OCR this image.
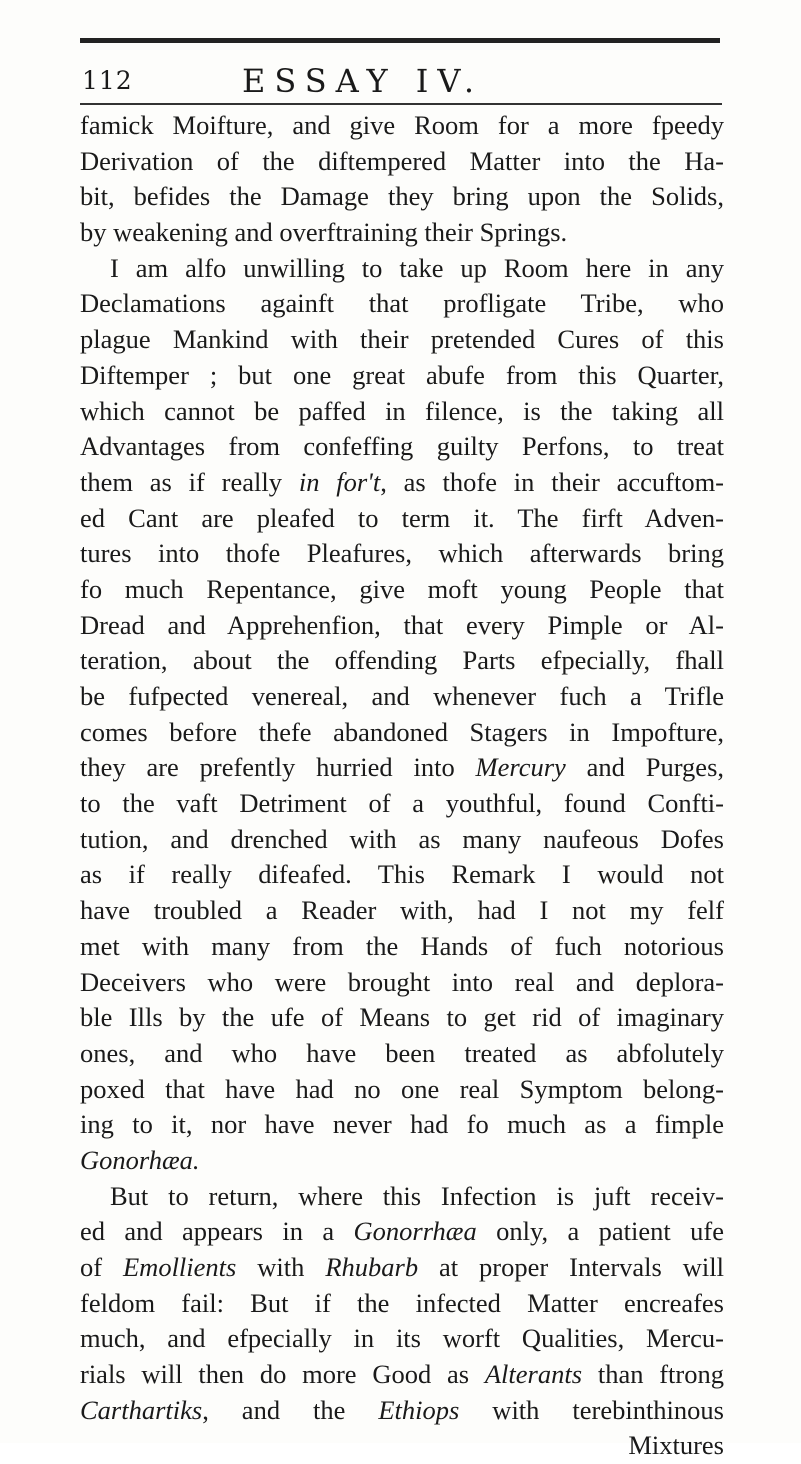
112	ESSAY IV.
famick Moifture, and give Room for a more fpeedy
Derivation of the diftempered Matter into the Ha-
bit, befides the Damage they bring upon the Solids,
by weakening and overftraining their Springs.
I am alfo unwilling to take up Room here in any
Declamations againft that profligate Tribe, who
plague Mankind with their pretended Cures of this
Diftemper ; but one great abufe from this Quarter,
which cannot be paffed in filence, is the taking all
Advantages from confeffing guilty Perfons, to treat
them as if really in for't, as thofe in their accuftom-
ed Cant are pleafed to term it. The firft Adven-
tures into thofe Pleafures, which afterwards bring
fo much Repentance, give moft young People that
Dread and Apprehenfion, that every Pimple or Al-
teration, about the offending Parts efpecially, fhall
be fufpected venereal, and whenever fuch a Trifle
comes before thefe abandoned Stagers in Impofture,
they are prefently hurried into Mercury and Purges,
to the vaft Detriment of a youthful, found Confti-
tution, and drenched with as many naufeous Dofes
as if really difeafed. This Remark I would not
have troubled a Reader with, had I not my felf
met with many from the Hands of fuch notorious
Deceivers who were brought into real and deplora-
ble Ills by the ufe of Means to get rid of imaginary
ones, and who have been treated as abfolutely
poxed that have had no one real Symptom belong-
ing to it, nor have never had fo much as a fimple
Gonorhæa.
But to return, where this Infection is juft receiv-
ed and appears in a Gonorrhæa only, a patient ufe
of Emollients with Rhubarb at proper Intervals will
feldom fail: But if the infected Matter encreafes
much, and efpecially in its worft Qualities, Mercu-
rials will then do more Good as Alterants than ftrong
Carthartiks, and the Ethiops with terebinthinous
Mixtures
